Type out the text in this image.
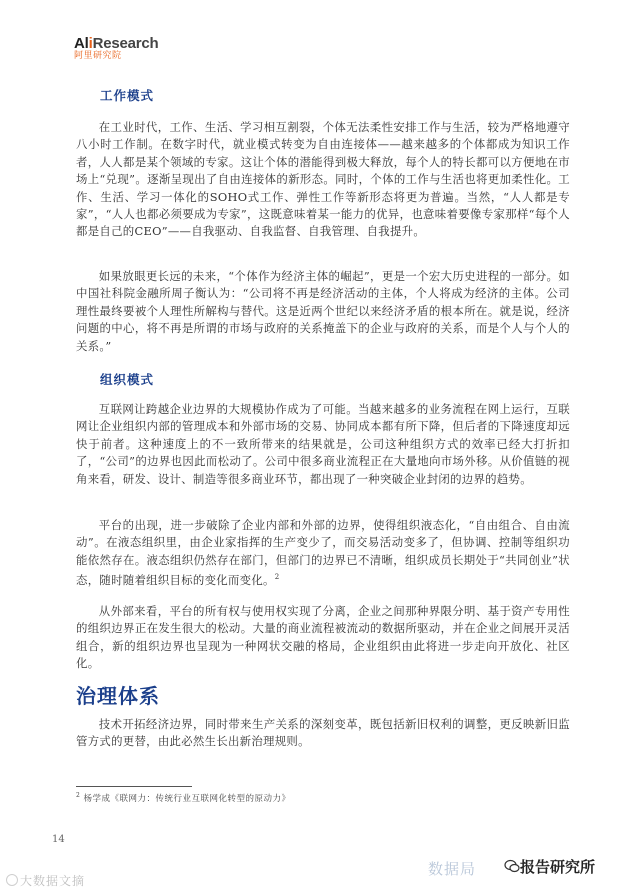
AliResearch
阿里研究院
工作模式
在工业时代，工作、生活、学习相互割裂，个体无法柔性安排工作与生活，较为严格地遵守八小时工作制。在数字时代，就业模式转变为自由连接体——越来越多的个体都成为知识工作者，人人都是某个领域的专家。这让个体的潜能得到极大释放，每个人的特长都可以方便地在市场上“兑现”。逐渐呈现出了自由连接体的新形态。同时，个体的工作与生活也将更加柔性化。工作、生活、学习一体化的SOHO式工作、弹性工作等新形态将更为普遍。当然，“人人都是专家”，“人人也都必须要成为专家”，这既意味着某一能力的优异，也意味着要像专家那样“每个人都是自己的CEO”——自我驱动、自我监督、自我管理、自我提升。
如果放眼更长远的未来，“个体作为经济主体的崛起”，更是一个宏大历史进程的一部分。如中国社科院金融所周子衡认为：“公司将不再是经济活动的主体，个人将成为经济的主体。公司理性最终要被个人理性所解构与替代。这是近两个世纪以来经济矛盾的根本所在。就是说，经济问题的中心，将不再是所谓的市场与政府的关系掩盖下的企业与政府的关系，而是个人与个人的关系。”
组织模式
互联网让跨越企业边界的大规模协作成为了可能。当越来越多的业务流程在网上运行，互联网让企业组织内部的管理成本和外部市场的交易、协同成本都有所下降，但后者的下降速度却远快于前者。这种速度上的不一致所带来的结果就是，公司这种组织方式的效率已经大打折扣了，“公司”的边界也因此而松动了。公司中很多商业流程正在大量地向市场外移。从价值链的视角来看，研发、设计、制造等很多商业环节，都出现了一种突破企业封闭的边界的趋势。
平台的出现，进一步破除了企业内部和外部的边界，使得组织液态化，“自由组合、自由流动”。在液态组织里，由企业家指挥的生产变少了，而交易活动变多了，但协调、控制等组织功能依然存在。液态组织仍然存在部门，但部门的边界已不清晰，组织成员长期处于“共同创业”状态，随时随着组织目标的变化而变化。$^2$
从外部来看，平台的所有权与使用权实现了分离，企业之间那种界限分明、基于资产专用性的组织边界正在发生很大的松动。大量的商业流程被流动的数据所驱动，并在企业之间展开灵活组合，新的组织边界也呈现为一种网状交融的格局，企业组织由此将进一步走向开放化、社区化。
治理体系
技术开拓经济边界，同时带来生产关系的深刻变革，既包括新旧权利的调整，更反映新旧监管方式的更替，由此必然生长出新治理规则。
$^2$ 杨学成《联网力：传统行业互联网化转型的原动力》
14
大数据文摘
数据局	报告研究所
